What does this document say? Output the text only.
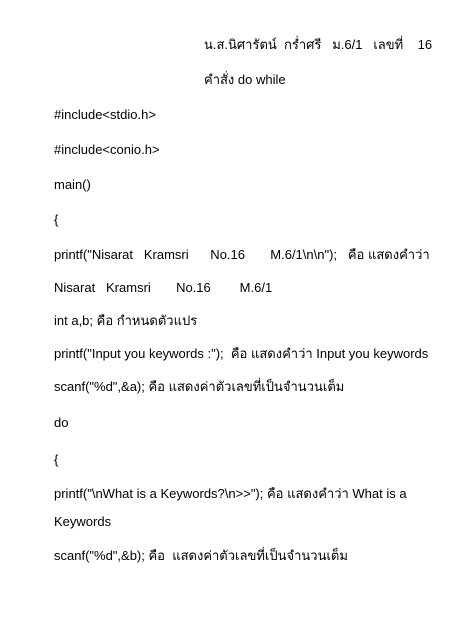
น.ส.นิศารัตน์  กร่ำศรี   ม.6/1   เลขที่    16
คำสั่ง do while
#include<stdio.h>
#include<conio.h>
main()
{
printf("Nisarat   Kramsri      No.16       M.6/1\n\n");   คือ แสดงคำว่า
Nisarat   Kramsri       No.16        M.6/1
int a,b; คือ กำหนดตัวแปร
printf("Input you keywords :");  คือ แสดงคำว่า Input you keywords
scanf("%d",&a); คือ แสดงค่าตัวเลขที่เป็นจำนวนเต็ม
do
{
printf("\nWhat is a Keywords?\n>>"); คือ แสดงคำว่า What is a
Keywords
scanf("%d",&b); คือ  แสดงค่าตัวเลขที่เป็นจำนวนเต็ม
